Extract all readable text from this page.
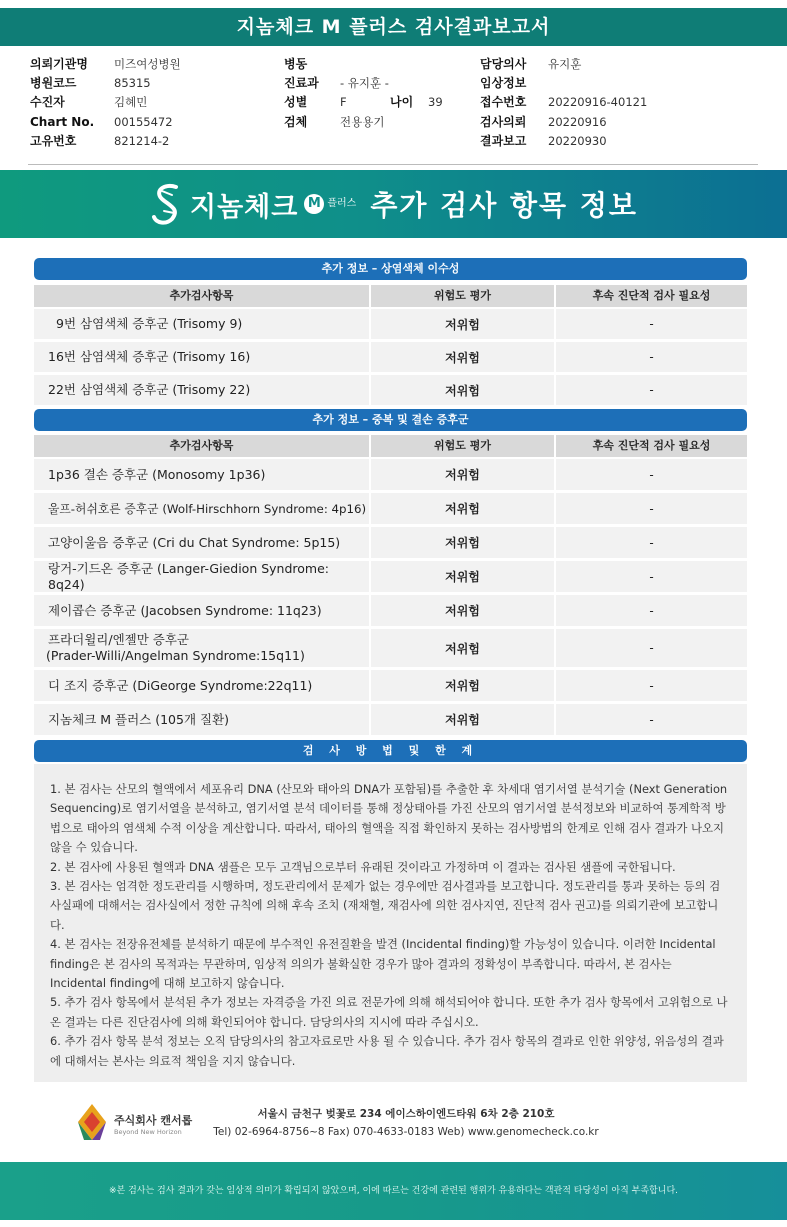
지놈체크 M 플러스 검사결과보고서
의뢰기관명 미즈여성병원
병원코드	85315
수진자	김혜민
Chart No. 00155472
고유번호	821214-2
병동
진료과 - 유지훈 -
성별	F	나이 39
검체	전용용기
담당의사 유지훈
임상정보
접수번호 20220916-40121
검사의뢰 20220916
결과보고 20220930
지놈체크 M 플러스 추가 검사 항목 정보
추가 정보 – 상염색체 이수성
추가검사항목	위험도 평가	후속 진단적 검사 필요성
9번 삼염색체 증후군 (Trisomy 9)	저위험	-
16번 삼염색체 증후군 (Trisomy 16)	저위험	-
22번 삼염색체 증후군 (Trisomy 22)	저위험	-
추가 정보 – 중복 및 결손 증후군
추가검사항목	위험도 평가	후속 진단적 검사 필요성
1p36 결손 증후군 (Monosomy 1p36)	저위험	-
울프-허쉬호른 증후군 (Wolf-Hirschhorn Syndrome: 4p16)	저위험	-
고양이울음 증후군 (Cri du Chat Syndrome: 5p15)	저위험	-
랑거-기드온 증후군 (Langer-Giedion Syndrome: 8q24)	저위험	-
제이콥슨 증후군 (Jacobsen Syndrome: 11q23)	저위험	-
프라더윌리/엔젤만 증후군
(Prader-Willi/Angelman Syndrome:15q11)	저위험	-
디 조지 증후군 (DiGeorge Syndrome:22q11)	저위험	-
지놈체크 M 플러스 (105개 질환)	저위험	-
검 사 방 법 및 한 계
1. 본 검사는 산모의 혈액에서 세포유리 DNA (산모와 태아의 DNA가 포함됨)를 추출한 후 차세대 염기서열 분석기술 (Next Generation Sequencing)로 염기서열을 분석하고, 염기서열 분석 데이터를 통해 정상태아를 가진 산모의 염기서열 분석정보와 비교하여 통계학적 방법으로 태아의 염색체 수적 이상을 계산합니다. 따라서, 태아의 혈액을 직접 확인하지 못하는 검사방법의 한계로 인해 검사 결과가 나오지 않을 수 있습니다.
2. 본 검사에 사용된 혈액과 DNA 샘플은 모두 고객님으로부터 유래된 것이라고 가정하며 이 결과는 검사된 샘플에 국한됩니다.
3. 본 검사는 엄격한 정도관리를 시행하며, 정도관리에서 문제가 없는 경우에만 검사결과를 보고합니다. 정도관리를 통과 못하는 등의 검사실패에 대해서는 검사실에서 정한 규칙에 의해 후속 조치 (재채혈, 재검사에 의한 검사지연, 진단적 검사 권고)를 의뢰기관에 보고합니다.
4. 본 검사는 전장유전체를 분석하기 때문에 부수적인 유전질환을 발견 (Incidental finding)할 가능성이 있습니다. 이러한 Incidental finding은 본 검사의 목적과는 무관하며, 임상적 의의가 불확실한 경우가 많아 결과의 정확성이 부족합니다. 따라서, 본 검사는 Incidental finding에 대해 보고하지 않습니다.
5. 추가 검사 항목에서 분석된 추가 정보는 자격증을 가진 의료 전문가에 의해 해석되어야 합니다. 또한 추가 검사 항목에서 고위험으로 나온 결과는 다른 진단검사에 의해 확인되어야 합니다. 담당의사의 지시에 따라 주십시오.
6. 추가 검사 항목 분석 정보는 오직 담당의사의 참고자료로만 사용 될 수 있습니다. 추가 검사 항목의 결과로 인한 위양성, 위음성의 결과에 대해서는 본사는 의료적 책임을 지지 않습니다.
주식회사 캔서롭
Beyond New Horizon
서울시 금천구 벚꽃로 234 에이스하이엔드타워 6차 2층 210호
Tel) 02-6964-8756~8 Fax) 070-4633-0183 Web) www.genomecheck.co.kr
※본 검사는 검사 결과가 갖는 임상적 의미가 확립되지 않았으며, 이에 따르는 건강에 관련된 행위가 유용하다는 객관적 타당성이 아직 부족합니다.
